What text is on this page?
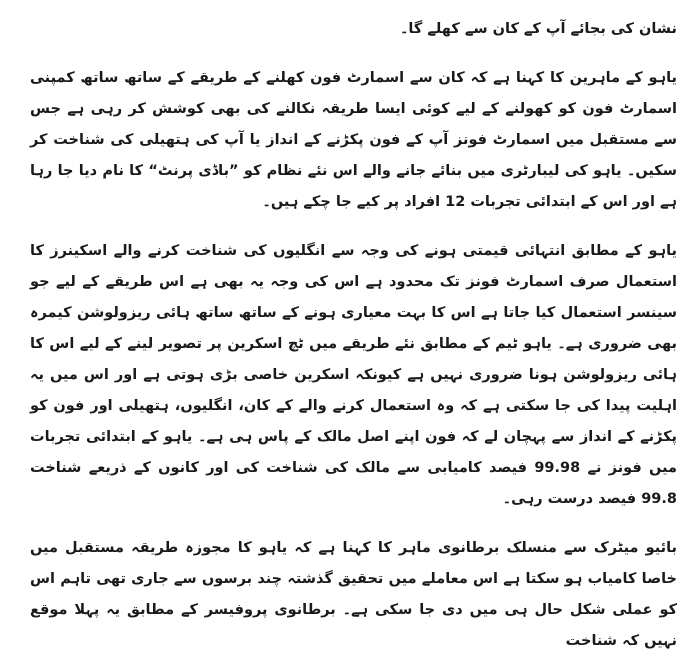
نشان کی بجائے آپ کے کان سے کھلے گا۔

یاہو کے ماہرین کا کہنا ہے کہ کان سے اسمارٹ فون کھلنے کے طریقے کے ساتھ ساتھ کمپنی اسمارٹ فون کو کھولنے کے لیے کوئی ایسا طریقہ نکالنے کی بھی کوشش کر رہی ہے جس سے مستقبل میں اسمارٹ فونز آپ کے فون پکڑنے کے انداز یا آپ کی ہتھیلی کی شناخت کر سکیں۔ یاہو کی لیبارٹری میں بنائے جانے والے اس نئے نظام کو ”باڈی پرنٹ“ کا نام دیا جا رہا ہے اور اس کے ابتدائی تجربات 12 افراد پر کیے جا چکے ہیں۔

یاہو کے مطابق انتہائی قیمتی ہونے کی وجہ سے انگلیوں کی شناخت کرنے والے اسکینرز کا استعمال صرف اسمارٹ فونز تک محدود ہے اس کی وجہ یہ بھی ہے اس طریقے کے لیے جو سینسر استعمال کیا جاتا ہے اس کا بہت معیاری ہونے کے ساتھ ساتھ ہائی ریزولوشن کیمرہ بھی ضروری ہے۔ یاہو ٹیم کے مطابق نئے طریقے میں ٹچ اسکرین پر تصویر لینے کے لیے اس کا ہائی ریزولوشن ہونا ضروری نہیں ہے کیونکہ اسکرین خاصی بڑی ہوتی ہے اور اس میں یہ اہلیت پیدا کی جا سکتی ہے کہ وہ استعمال کرنے والے کے کان، انگلیوں، ہتھیلی اور فون کو پکڑنے کے انداز سے پہچان لے کہ فون اپنے اصل مالک کے پاس ہی ہے۔ یاہو کے ابتدائی تجربات میں فونز نے 99.98 فیصد کامیابی سے مالک کی شناخت کی اور کانوں کے ذریعے شناخت 99.8 فیصد درست رہی۔

بائیو میٹرک سے منسلک برطانوی ماہر کا کہنا ہے کہ یاہو کا مجوزہ طریقہ مستقبل میں خاصا کامیاب ہو سکتا ہے اس معاملے میں تحقیق گذشتہ چند برسوں سے جاری تھی تاہم اس کو عملی شکل حال ہی میں دی جا سکی ہے۔ برطانوی پروفیسر کے مطابق یہ پہلا موقع نہیں کہ شناخت
